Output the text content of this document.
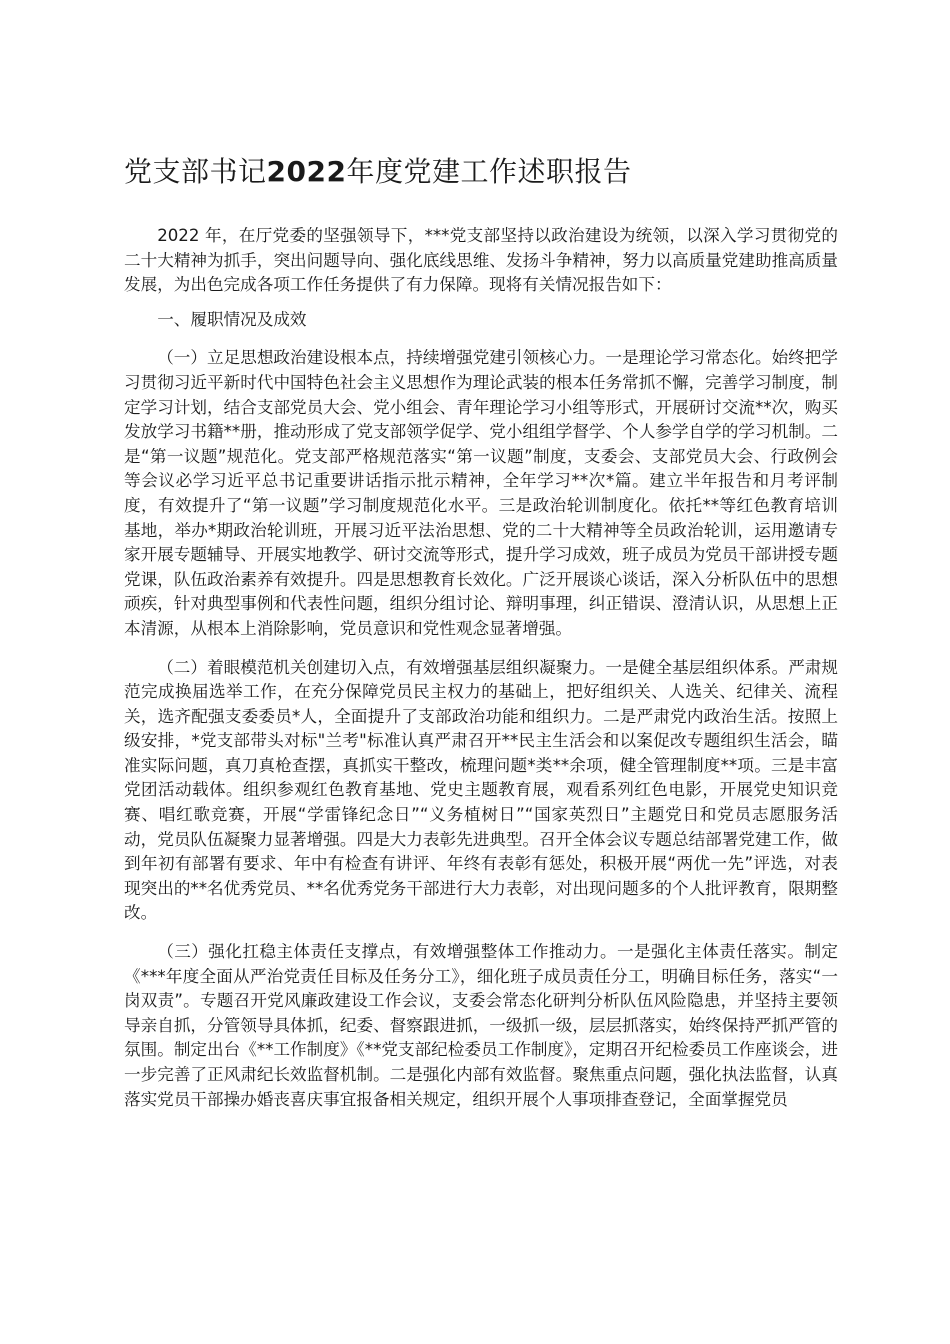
党支部书记2022年度党建工作述职报告

2022 年，在厅党委的坚强领导下，***党支部坚持以政治建设为统领，以深入学习贯彻党的二十大精神为抓手，突出问题导向、强化底线思维、发扬斗争精神，努力以高质量党建助推高质量发展，为出色完成各项工作任务提供了有力保障。现将有关情况报告如下：

一、履职情况及成效

（一）立足思想政治建设根本点，持续增强党建引领核心力。一是理论学习常态化。始终把学习贯彻习近平新时代中国特色社会主义思想作为理论武装的根本任务常抓不懈，完善学习制度，制定学习计划，结合支部党员大会、党小组会、青年理论学习小组等形式，开展研讨交流**次，购买发放学习书籍**册，推动形成了党支部领学促学、党小组组学督学、个人参学自学的学习机制。二是“第一议题”规范化。党支部严格规范落实“第一议题”制度，支委会、支部党员大会、行政例会等会议必学习近平总书记重要讲话指示批示精神，全年学习**次*篇。建立半年报告和月考评制度，有效提升了“第一议题”学习制度规范化水平。三是政治轮训制度化。依托**等红色教育培训基地，举办*期政治轮训班，开展习近平法治思想、党的二十大精神等全员政治轮训，运用邀请专家开展专题辅导、开展实地教学、研讨交流等形式，提升学习成效，班子成员为党员干部讲授专题党课，队伍政治素养有效提升。四是思想教育长效化。广泛开展谈心谈话，深入分析队伍中的思想顽疾，针对典型事例和代表性问题，组织分组讨论、辩明事理，纠正错误、澄清认识，从思想上正本清源，从根本上消除影响，党员意识和党性观念显著增强。

（二）着眼模范机关创建切入点，有效增强基层组织凝聚力。一是健全基层组织体系。严肃规范完成换届选举工作，在充分保障党员民主权力的基础上，把好组织关、人选关、纪律关、流程关，选齐配强支委委员*人，全面提升了支部政治功能和组织力。二是严肃党内政治生活。按照上级安排，*党支部带头对标"兰考"标准认真严肃召开**民主生活会和以案促改专题组织生活会，瞄准实际问题，真刀真枪查摆，真抓实干整改，梳理问题*类**余项，健全管理制度**项。三是丰富党团活动载体。组织参观红色教育基地、党史主题教育展，观看系列红色电影，开展党史知识竞赛、唱红歌竞赛，开展“学雷锋纪念日”“义务植树日”“国家英烈日”主题党日和党员志愿服务活动，党员队伍凝聚力显著增强。四是大力表彰先进典型。召开全体会议专题总结部署党建工作，做到年初有部署有要求、年中有检查有讲评、年终有表彰有惩处，积极开展“两优一先”评选，对表现突出的**名优秀党员、**名优秀党务干部进行大力表彰，对出现问题多的个人批评教育，限期整改。

（三）强化扛稳主体责任支撑点，有效增强整体工作推动力。一是强化主体责任落实。制定《***年度全面从严治党责任目标及任务分工》，细化班子成员责任分工，明确目标任务，落实“一岗双责”。专题召开党风廉政建设工作会议，支委会常态化研判分析队伍风险隐患，并坚持主要领导亲自抓，分管领导具体抓，纪委、督察跟进抓，一级抓一级，层层抓落实，始终保持严抓严管的氛围。制定出台《**工作制度》《**党支部纪检委员工作制度》，定期召开纪检委员工作座谈会，进一步完善了正风肃纪长效监督机制。二是强化内部有效监督。聚焦重点问题，强化执法监督，认真落实党员干部操办婚丧喜庆事宜报备相关规定，组织开展个人事项排查登记，全面掌握党员
